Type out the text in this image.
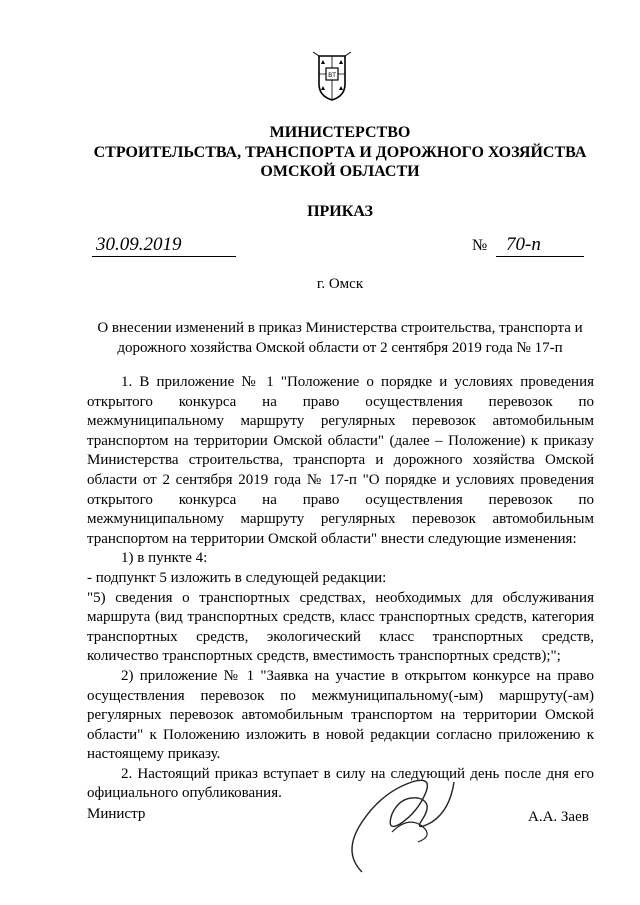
BT
МИНИСТЕРСТВО
СТРОИТЕЛЬСТВА, ТРАНСПОРТА И ДОРОЖНОГО ХОЗЯЙСТВА
ОМСКОЙ ОБЛАСТИ
ПРИКАЗ
30.09.2019	№ 70-п
г. Омск
О внесении изменений в приказ Министерства строительства, транспорта и дорожного хозяйства Омской области от 2 сентября 2019 года № 17-п

1. В приложение № 1 "Положение о порядке и условиях проведения открытого конкурса на право осуществления перевозок по межмуниципальному маршруту регулярных перевозок автомобильным транспортом на территории Омской области" (далее – Положение) к приказу Министерства строительства, транспорта и дорожного хозяйства Омской области от 2 сентября 2019 года № 17-п "О порядке и условиях проведения открытого конкурса на право осуществления перевозок по межмуниципальному маршруту регулярных перевозок автомобильным транспортом на территории Омской области" внести следующие изменения:

1) в пункте 4:

- подпункт 5 изложить в следующей редакции:

"5) сведения о транспортных средствах, необходимых для обслуживания маршрута (вид транспортных средств, класс транспортных средств, категория транспортных средств, экологический класс транспортных средств, количество транспортных средств, вместимость транспортных средств);";

2) приложение № 1 "Заявка на участие в открытом конкурсе на право осуществления перевозок по межмуниципальному(-ым) маршруту(-ам) регулярных перевозок автомобильным транспортом на территории Омской области" к Положению изложить в новой редакции согласно приложению к настоящему приказу.

2. Настоящий приказ вступает в силу на следующий день после дня его официального опубликования.

Министр	А.А. Заев
